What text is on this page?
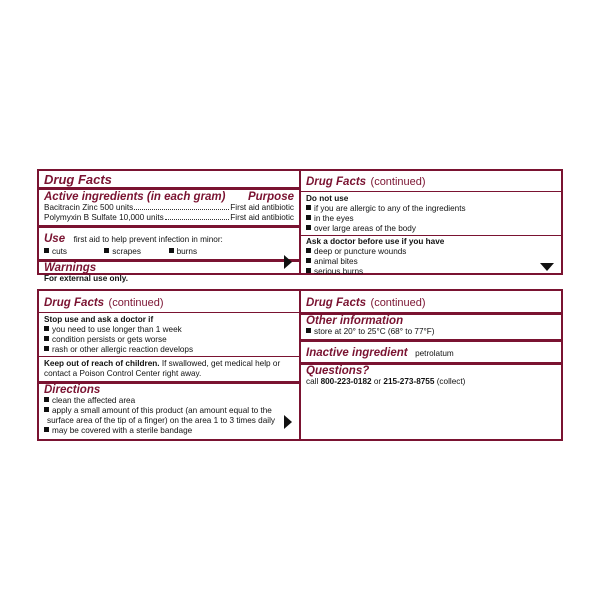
Drug Facts
Active ingredients (in each gram) Purpose
Bacitracin Zinc 500 units	First aid antibiotic
Polymyxin B Sulfate 10,000 units	First aid antibiotic
Use first aid to help prevent infection in minor:
cuts	scrapes	burns
Warnings
For external use only.
Drug Facts (continued)
Do not use
if you are allergic to any of the ingredients
in the eyes
over large areas of the body
Ask a doctor before use if you have
deep or puncture wounds
animal bites
serious burns
Drug Facts (continued)
Stop use and ask a doctor if
you need to use longer than 1 week
condition persists or gets worse
rash or other allergic reaction develops
Keep out of reach of children. If swallowed, get medical help or
contact a Poison Control Center right away.
Directions
clean the affected area
apply a small amount of this product (an amount equal to the
surface area of the tip of a finger) on the area 1 to 3 times daily
may be covered with a sterile bandage
Drug Facts (continued)
Other information
store at 20° to 25°C (68° to 77°F)
Inactive ingredient petrolatum
Questions?
call 800-223-0182 or 215-273-8755 (collect)
